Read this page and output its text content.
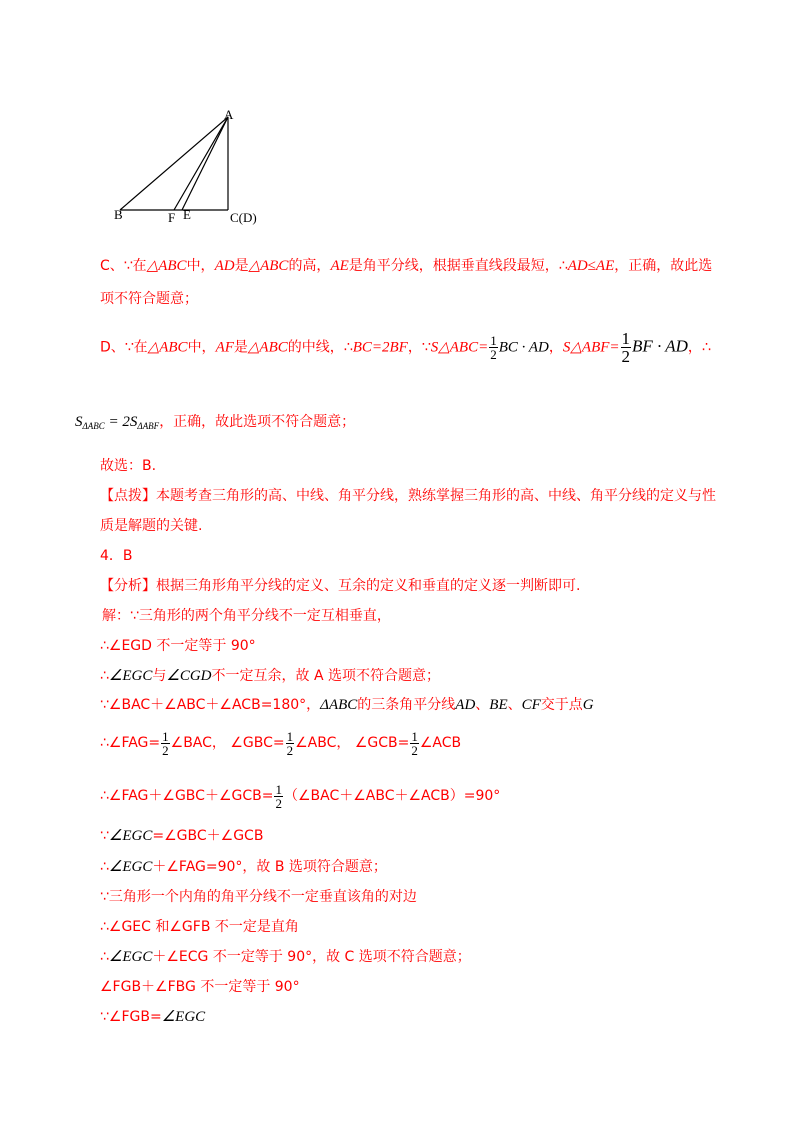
A
B	F E	C(D)
C、∵在△ABC中，AD是△ABC的高，AE是角平分线，根据垂直线段最短，∴AD≤AE，正确，故此选
项不符合题意；
D、∵在△ABC中，AF是△ABC的中线，∴BC=2BF，∵S△ABC= $\frac{1}{2}$ BC · AD，S△ABF= $\frac{1}{2}$ BF · AD，∴
$S_{\Delta ABC} = 2S_{\Delta ABF}$，正确，故此选项不符合题意；
故选：B.
【点拨】本题考查三角形的高、中线、角平分线，熟练掌握三角形的高、中线、角平分线的定义与性
质是解题的关键.
4．B
【分析】根据三角形角平分线的定义、互余的定义和垂直的定义逐一判断即可.
解：∵三角形的两个角平分线不一定互相垂直，
∴∠EGD 不一定等于 90°
∴∠EGC与∠CGD不一定互余，故 A 选项不符合题意；
∵∠BAC＋∠ABC＋∠ACB=180°，ΔABC的三条角平分线AD、BE、CF交于点G
∴∠FAG= $\frac{1}{2}$ ∠BAC， ∠GBC= $\frac{1}{2}$ ∠ABC， ∠GCB= $\frac{1}{2}$ ∠ACB
∴∠FAG＋∠GBC＋∠GCB= $\frac{1}{2}$ （∠BAC＋∠ABC＋∠ACB）=90°
∵∠EGC=∠GBC＋∠GCB
∴∠EGC＋∠FAG=90°，故 B 选项符合题意；
∵三角形一个内角的角平分线不一定垂直该角的对边
∴∠GEC 和∠GFB 不一定是直角
∴∠EGC＋∠ECG 不一定等于 90°，故 C 选项不符合题意；
∠FGB＋∠FBG 不一定等于 90°
∵∠FGB=∠EGC
